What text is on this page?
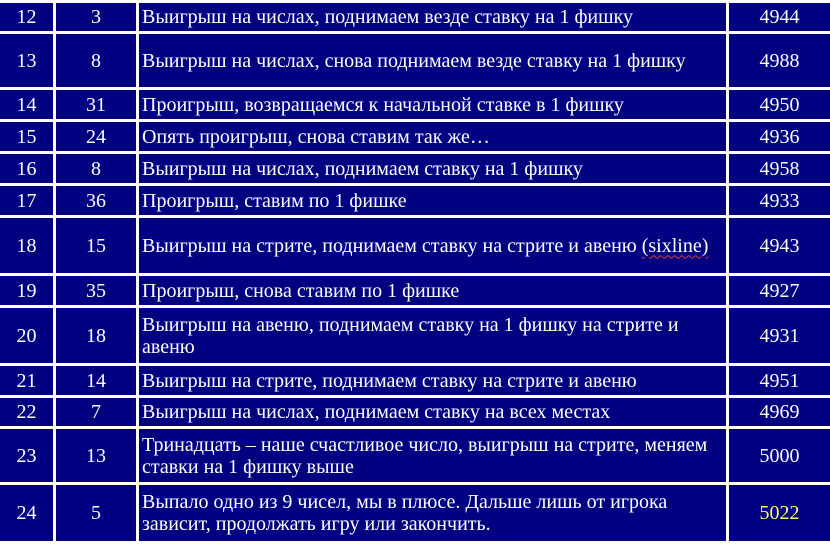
12	3	Выигрыш на числах, поднимаем везде ставку на 1 фишку	4944
13	8	Выигрыш на числах, снова поднимаем везде ставку на 1 фишку	4988
14	31	Проигрыш, возвращаемся к начальной ставке в 1 фишку	4950
15	24	Опять проигрыш, снова ставим так же…	4936
16	8	Выигрыш на числах, поднимаем ставку на 1 фишку	4958
17	36	Проигрыш, ставим по 1 фишке	4933
18	15	Выигрыш на стрите, поднимаем ставку на стрите и авеню (sixline)	4943
19	35	Проигрыш, снова ставим по 1 фишке	4927
20	18	Выигрыш на авеню, поднимаем ставку на 1 фишку на стрите и авеню	4931
21	14	Выигрыш на стрите, поднимаем ставку на стрите и авеню	4951
22	7	Выигрыш на числах, поднимаем ставку на всех местах	4969
23	13	Тринадцать – наше счастливое число, выигрыш на стрите, меняем ставки на 1 фишку выше	5000
24	5	Выпало одно из 9 чисел, мы в плюсе. Дальше лишь от игрока зависит, продолжать игру или закончить.	5022
